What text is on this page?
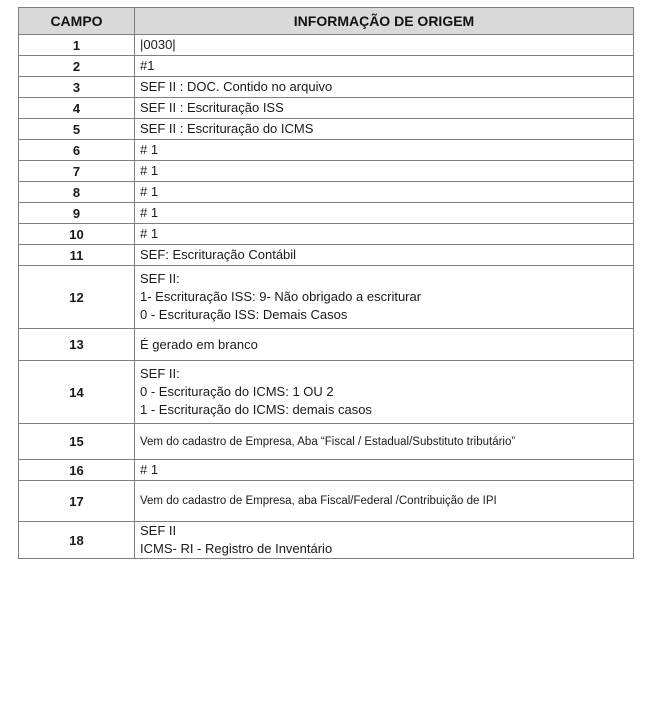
CAMPO	INFORMAÇÃO DE ORIGEM
1	|0030|

2	#1

3	SEF II : DOC. Contido no arquivo

4	SEF II : Escrituração ISS

5	SEF II : Escrituração do ICMS

6	# 1

7	# 1

8	# 1

9	# 1

10	# 1

11	SEF: Escrituração Contábil

12	SEF II:
1- Escrituração ISS: 9- Não obrigado a escriturar
0 - Escrituração ISS: Demais Casos

13	É gerado em branco

14	SEF II:
0 - Escrituração do ICMS: 1 OU 2
1 - Escrituração do ICMS: demais casos

15	Vem do cadastro de Empresa, Aba “Fiscal / Estadual/Substituto tributário”

16	# 1

17	Vem do cadastro de Empresa, aba Fiscal/Federal /Contribuição de IPI

18	SEF II
ICMS- RI - Registro de Inventário
